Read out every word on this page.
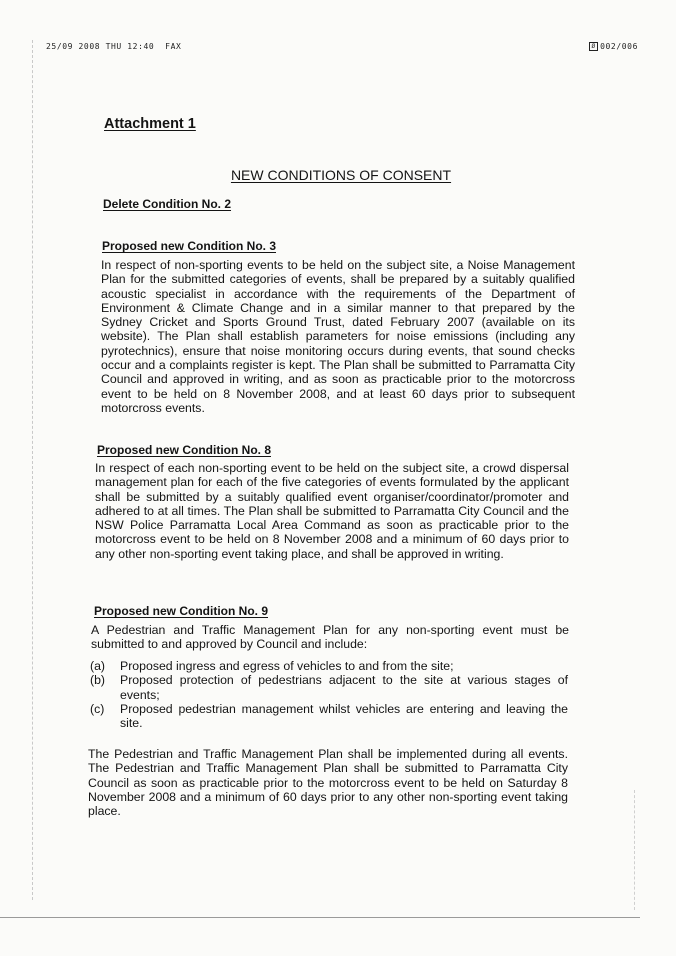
25/09 2008 THU 12:40  FAX	Ø 002/006
Attachment 1
NEW CONDITIONS OF CONSENT
Delete Condition No. 2
Proposed new Condition No. 3
In respect of non-sporting events to be held on the subject site, a Noise Management Plan for the submitted categories of events, shall be prepared by a suitably qualified acoustic specialist in accordance with the requirements of the Department of Environment & Climate Change and in a similar manner to that prepared by the Sydney Cricket and Sports Ground Trust, dated February 2007 (available on its website). The Plan shall establish parameters for noise emissions (including any pyrotechnics), ensure that noise monitoring occurs during events, that sound checks occur and a complaints register is kept. The Plan shall be submitted to Parramatta City Council and approved in writing, and as soon as practicable prior to the motorcross event to be held on 8 November 2008, and at least 60 days prior to subsequent motorcross events.
Proposed new Condition No. 8
In respect of each non-sporting event to be held on the subject site, a crowd dispersal management plan for each of the five categories of events formulated by the applicant shall be submitted by a suitably qualified event organiser/coordinator/promoter and adhered to at all times. The Plan shall be submitted to Parramatta City Council and the NSW Police Parramatta Local Area Command as soon as practicable prior to the motorcross event to be held on 8 November 2008 and a minimum of 60 days prior to any other non-sporting event taking place, and shall be approved in writing.
Proposed new Condition No. 9
A Pedestrian and Traffic Management Plan for any non-sporting event must be submitted to and approved by Council and include:
(a)	Proposed ingress and egress of vehicles to and from the site;
(b)	Proposed protection of pedestrians adjacent to the site at various stages of events;
(c)	Proposed pedestrian management whilst vehicles are entering and leaving the site.
The Pedestrian and Traffic Management Plan shall be implemented during all events. The Pedestrian and Traffic Management Plan shall be submitted to Parramatta City Council as soon as practicable prior to the motorcross event to be held on Saturday 8 November 2008 and a minimum of 60 days prior to any other non-sporting event taking place.
